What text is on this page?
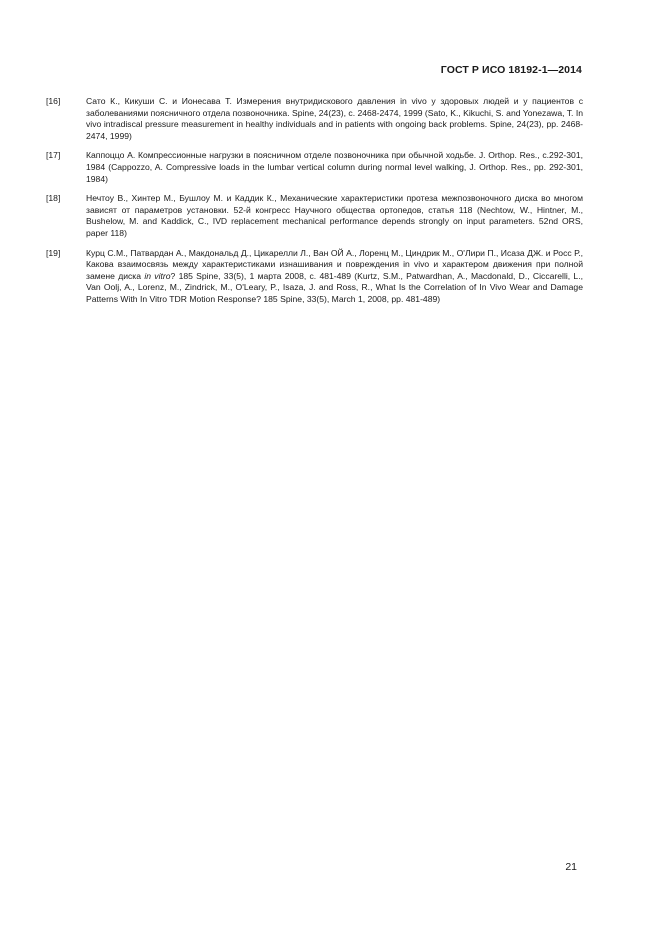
ГОСТ Р ИСО 18192-1—2014
[16]	Сато К., Кикуши С. и Ионесава Т. Измерения внутридискового давления in vivo у здоровых людей и у пациентов с заболеваниями поясничного отдела позвоночника. Spine, 24(23), с. 2468-2474, 1999 (Sato, K., Kikuchi, S. and Yonezawa, T. In vivo intradiscal pressure measurement in healthy individuals and in patients with ongoing back problems. Spine, 24(23), pp. 2468-2474, 1999)
[17]	Каппоццо А. Компрессионные нагрузки в поясничном отделе позвоночника при обычной ходьбе. J. Orthop. Res., c.292-301, 1984 (Cappozzo, A. Compressive loads in the lumbar vertical column during normal level walking, J. Orthop. Res., pp. 292-301, 1984)
[18]	Нечтоу В., Хинтер М., Бушлоу М. и Каддик К., Механические характеристики протеза межпозвоночного диска во многом зависят от параметров установки. 52-й конгресс Научного общества ортопедов, статья 118 (Nechtow, W., Hintner, M., Bushelow, M. and Kaddick, C., IVD replacement mechanical performance depends strongly on input parameters. 52nd ORS, paper 118)
[19]	Курц С.М., Патвардан А., Макдональд Д., Цикарелли Л., Ван ОЙ А., Лоренц М., Циндрик М., О'Лири П., Исаза ДЖ. и Росс Р., Какова взаимосвязь между характеристиками изнашивания и повреждения in vivo и характером движения при полной замене диска in vitro? 185 Spine, 33(5), 1 марта 2008, с. 481-489 (Kurtz, S.M., Patwardhan, A., Macdonald, D., Ciccarelli, L., Van Oolj, A., Lorenz, M., Zindrick, M., O'Leary, P., Isaza, J. and Ross, R., What Is the Correlation of In Vivo Wear and Damage Patterns With In Vitro TDR Motion Response? 185 Spine, 33(5), March 1, 2008, pp. 481-489)
21
